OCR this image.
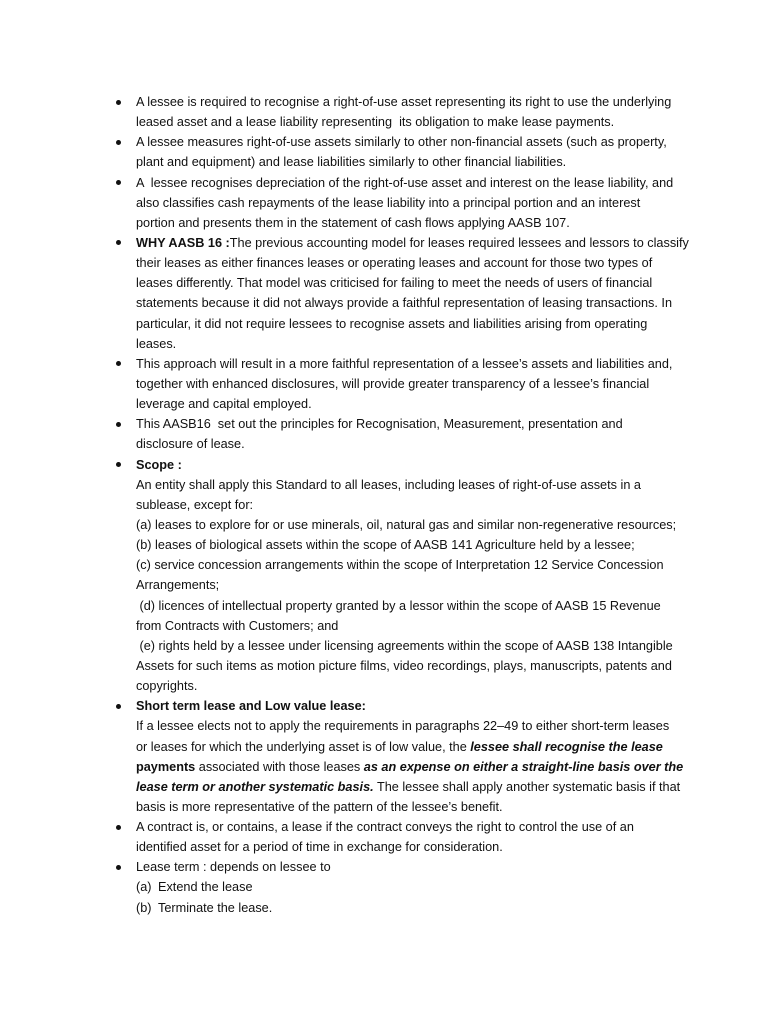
A lessee is required to recognise a right-of-use asset representing its right to use the underlying
leased asset and a lease liability representing  its obligation to make lease payments.
A lessee measures right-of-use assets similarly to other non-financial assets (such as property,
plant and equipment) and lease liabilities similarly to other financial liabilities.
A  lessee recognises depreciation of the right-of-use asset and interest on the lease liability, and
also classifies cash repayments of the lease liability into a principal portion and an interest
portion and presents them in the statement of cash flows applying AASB 107.
WHY AASB 16 :The previous accounting model for leases required lessees and lessors to classify
their leases as either finances leases or operating leases and account for those two types of
leases differently. That model was criticised for failing to meet the needs of users of financial
statements because it did not always provide a faithful representation of leasing transactions. In
particular, it did not require lessees to recognise assets and liabilities arising from operating
leases.
This approach will result in a more faithful representation of a lessee’s assets and liabilities and,
together with enhanced disclosures, will provide greater transparency of a lessee’s financial
leverage and capital employed.
This AASB16  set out the principles for Recognisation, Measurement, presentation and
disclosure of lease.
Scope :
An entity shall apply this Standard to all leases, including leases of right-of-use assets in a
sublease, except for:
(a) leases to explore for or use minerals, oil, natural gas and similar non-regenerative resources;
(b) leases of biological assets within the scope of AASB 141 Agriculture held by a lessee;
(c) service concession arrangements within the scope of Interpretation 12 Service Concession
Arrangements;
(d) licences of intellectual property granted by a lessor within the scope of AASB 15 Revenue
from Contracts with Customers; and
(e) rights held by a lessee under licensing agreements within the scope of AASB 138 Intangible
Assets for such items as motion picture films, video recordings, plays, manuscripts, patents and
copyrights.
Short term lease and Low value lease:
If a lessee elects not to apply the requirements in paragraphs 22–49 to either short-term leases
or leases for which the underlying asset is of low value, the lessee shall recognise the lease
payments associated with those leases as an expense on either a straight-line basis over the
lease term or another systematic basis. The lessee shall apply another systematic basis if that
basis is more representative of the pattern of the lessee’s benefit.
A contract is, or contains, a lease if the contract conveys the right to control the use of an
identified asset for a period of time in exchange for consideration.
Lease term : depends on lessee to
(a) Extend the lease
(b) Terminate the lease.
